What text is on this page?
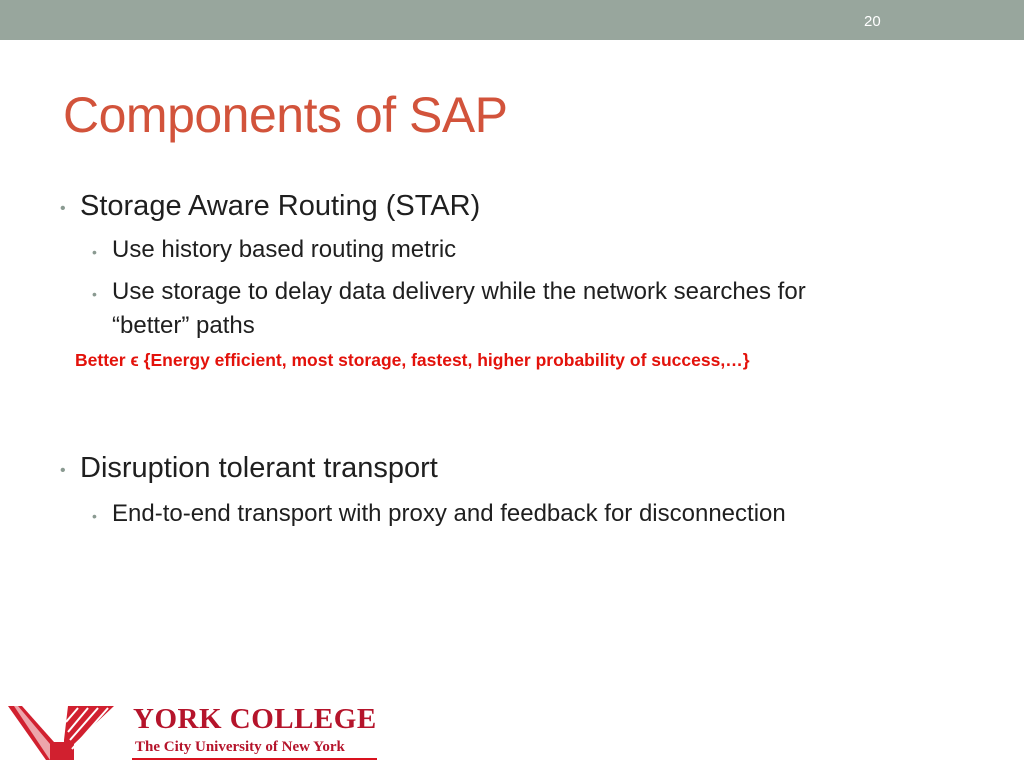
20
Components of SAP
• Storage Aware Routing (STAR)
• Use history based routing metric
• Use storage to delay data delivery while the network searches for
“better” paths
Better ϵ {Energy efficient, most storage, fastest, higher probability of success,…}
• Disruption tolerant transport
• End-to-end transport with proxy and feedback for disconnection
YORK COLLEGE
The City University of New York
